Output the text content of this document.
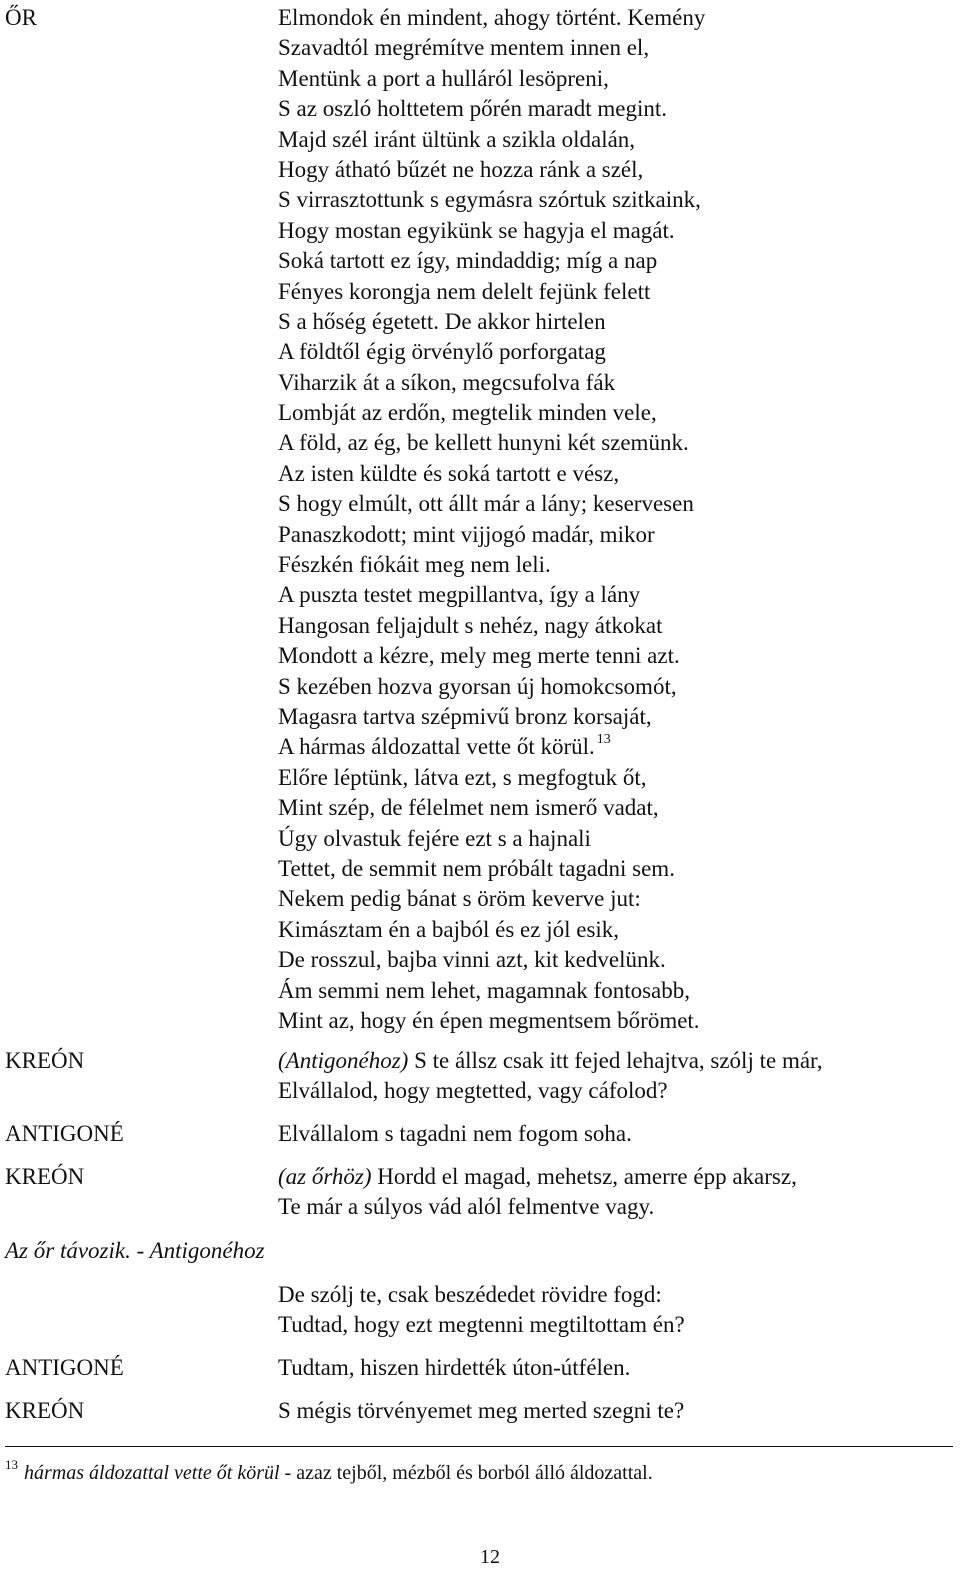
ŐR	Elmondok én mindent, ahogy történt. Kemény
Szavadtól megrémítve mentem innen el,
Mentünk a port a hulláról lesöpreni,
S az oszló holttetem pőrén maradt megint.
Majd szél iránt ültünk a szikla oldalán,
Hogy átható bűzét ne hozza ránk a szél,
S virrasztottunk s egymásra szórtuk szitkaink,
Hogy mostan egyikünk se hagyja el magát.
Soká tartott ez így, mindaddig; míg a nap
Fényes korongja nem delelt fejünk felett
S a hőség égetett. De akkor hirtelen
A földtől égig örvénylő porforgatag
Viharzik át a síkon, megcsufolva fák
Lombját az erdőn, megtelik minden vele,
A föld, az ég, be kellett hunyni két szemünk.
Az isten küldte és soká tartott e vész,
S hogy elmúlt, ott állt már a lány; keservesen
Panaszkodott; mint vijjogó madár, mikor
Fészkén fiókáit meg nem leli.
A puszta testet megpillantva, így a lány
Hangosan feljajdult s nehéz, nagy átkokat
Mondott a kézre, mely meg merte tenni azt.
S kezében hozva gyorsan új homokcsomót,
Magasra tartva szépmivű bronz korsaját,
A hármas áldozattal vette őt körül. $^{13}$
Előre léptünk, látva ezt, s megfogtuk őt,
Mint szép, de félelmet nem ismerő vadat,
Úgy olvastuk fejére ezt s a hajnali
Tettet, de semmit nem próbált tagadni sem.
Nekem pedig bánat s öröm keverve jut:
Kimásztam én a bajból és ez jól esik,
De rosszul, bajba vinni azt, kit kedvelünk.
Ám semmi nem lehet, magamnak fontosabb,
Mint az, hogy én épen megmentsem bőrömet.
KREÓN	(Antigonéhoz) S te állsz csak itt fejed lehajtva, szólj te már,
Elvállalod, hogy megtetted, vagy cáfolod?
ANTIGONÉ	Elvállalom s tagadni nem fogom soha.
KREÓN	(az őrhöz) Hordd el magad, mehetsz, amerre épp akarsz,
Te már a súlyos vád alól felmentve vagy.
De szólj te, csak beszédedet rövidre fogd:
Tudtad, hogy ezt megtenni megtiltottam én?
ANTIGONÉ	Tudtam, hiszen hirdették úton-útfélen.
KREÓN	S mégis törvényemet meg merted szegni te?
Az őr távozik. - Antigonéhoz
$^{13}$ hármas áldozattal vette őt körül - azaz tejből, mézből és borból álló áldozattal.
12
